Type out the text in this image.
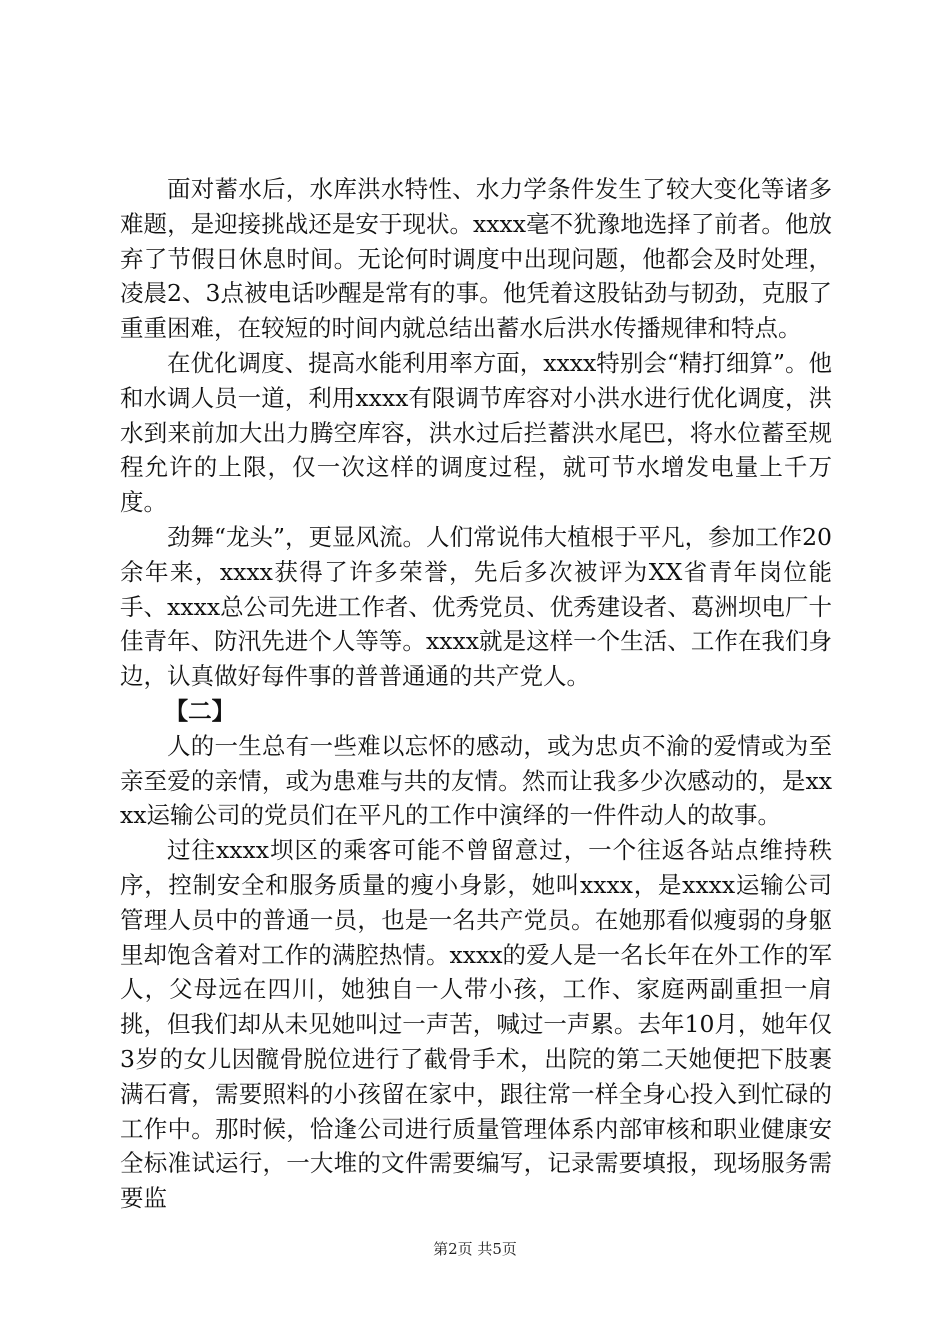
面对蓄水后，水库洪水特性、水力学条件发生了较大变化等诸多难题，是迎接挑战还是安于现状。xxxx毫不犹豫地选择了前者。他放弃了节假日休息时间。无论何时调度中出现问题，他都会及时处理，凌晨2、3点被电话吵醒是常有的事。他凭着这股钻劲与韧劲，克服了重重困难，在较短的时间内就总结出蓄水后洪水传播规律和特点。

在优化调度、提高水能利用率方面，xxxx特别会“精打细算”。他和水调人员一道，利用xxxx有限调节库容对小洪水进行优化调度，洪水到来前加大出力腾空库容，洪水过后拦蓄洪水尾巴，将水位蓄至规程允许的上限，仅一次这样的调度过程，就可节水增发电量上千万度。

劲舞“龙头”，更显风流。人们常说伟大植根于平凡，参加工作20余年来，xxxx获得了许多荣誉，先后多次被评为XX省青年岗位能手、xxxx总公司先进工作者、优秀党员、优秀建设者、葛洲坝电厂十佳青年、防汛先进个人等等。xxxx就是这样一个生活、工作在我们身边，认真做好每件事的普普通通的共产党人。

【二】

人的一生总有一些难以忘怀的感动，或为忠贞不渝的爱情或为至亲至爱的亲情，或为患难与共的友情。然而让我多少次感动的，是xxxx运输公司的党员们在平凡的工作中演绎的一件件动人的故事。

过往xxxx坝区的乘客可能不曾留意过，一个往返各站点维持秩序，控制安全和服务质量的瘦小身影，她叫xxxx，是xxxx运输公司管理人员中的普通一员，也是一名共产党员。在她那看似瘦弱的身躯里却饱含着对工作的满腔热情。xxxx的爱人是一名长年在外工作的军人，父母远在四川，她独自一人带小孩，工作、家庭两副重担一肩挑，但我们却从未见她叫过一声苦，喊过一声累。去年10月，她年仅3岁的女儿因髋骨脱位进行了截骨手术，出院的第二天她便把下肢裹满石膏，需要照料的小孩留在家中，跟往常一样全身心投入到忙碌的工作中。那时候，恰逢公司进行质量管理体系内部审核和职业健康安全标准试运行，一大堆的文件需要编写，记录需要填报，现场服务需要监

第2页 共5页
